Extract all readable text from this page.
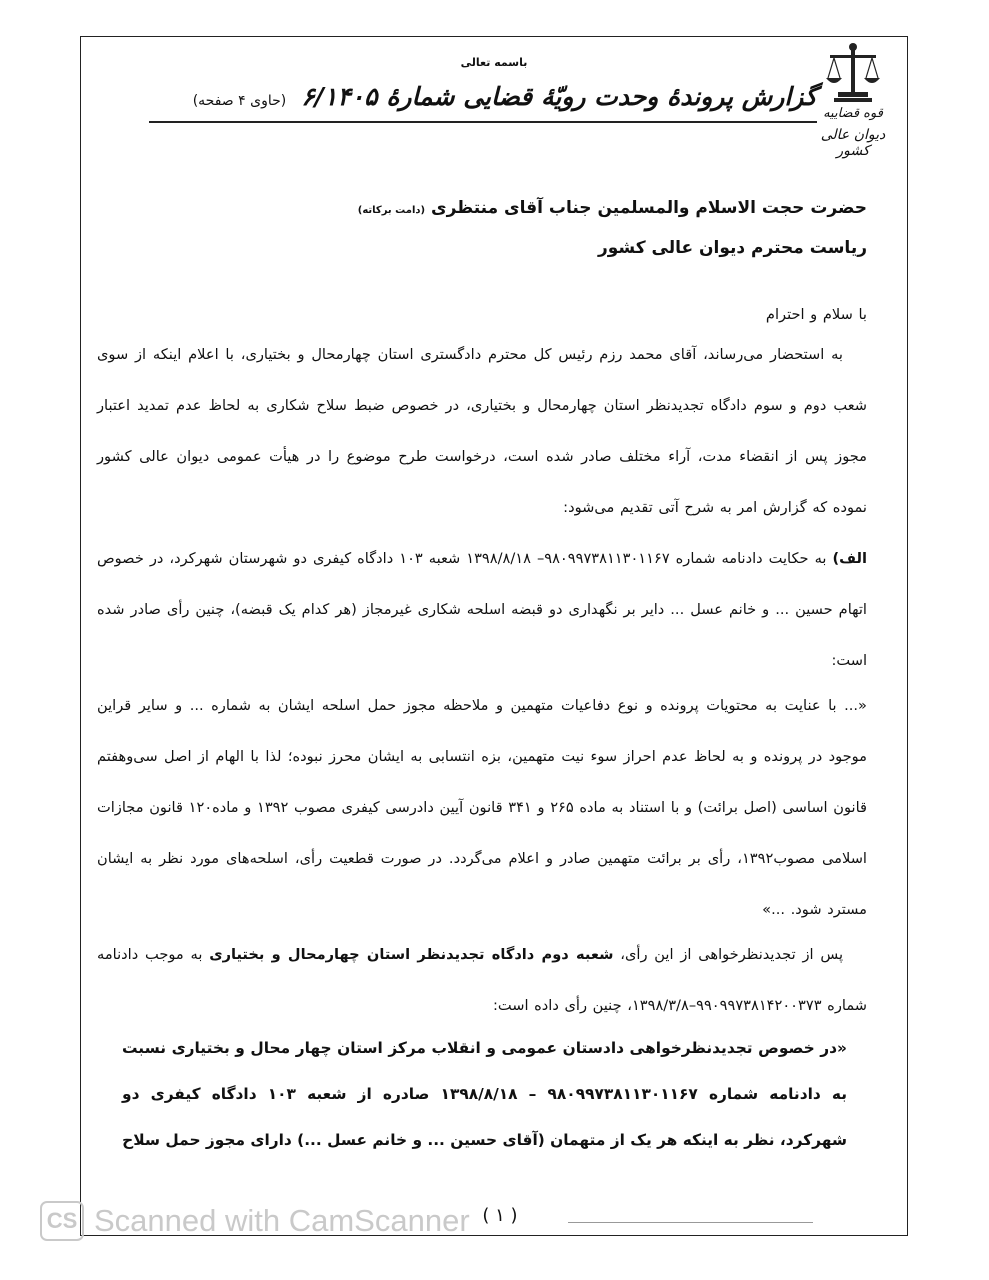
قوه قضاییه
دیوان عالی کشور
باسمه تعالی
گزارش پروندهٔ وحدت رویّهٔ قضایی شمارهٔ ۶/۱۴۰۵ (حاوی ۴ صفحه)
حضرت حجت الاسلام والمسلمین جناب آقای منتظری (دامت برکاته)
ریاست محترم دیوان عالی کشور

با سلام و احترام

به استحضار می‌رساند، آقای محمد رزم رئیس کل محترم دادگستری استان چهارمحال و بختیاری، با اعلام اینکه از سوی شعب دوم و سوم دادگاه تجدیدنظر استان چهارمحال و بختیاری، در خصوص ضبط سلاح شکاری به لحاظ عدم تمدید اعتبار مجوز پس از انقضاء مدت، آراء مختلف صادر شده است، درخواست طرح موضوع را در هیأت عمومی دیوان عالی کشور نموده که گزارش امر به شرح آتی تقدیم می‌شود:

الف) به حکایت دادنامه شماره ۹۸۰۹۹۷۳۸۱۱۳۰۱۱۶۷– ۱۳۹۸/۸/۱۸ شعبه ۱۰۳ دادگاه کیفری دو شهرستان شهرکرد، در خصوص اتهام حسین ... و خانم عسل ... دایر بر نگهداری دو قبضه اسلحه شکاری غیرمجاز (هر کدام یک قبضه)، چنین رأی صادر شده است:

«... با عنایت به محتویات پرونده و نوع دفاعیات متهمین و ملاحظه مجوز حمل اسلحه ایشان به شماره ... و سایر قراین موجود در پرونده و به لحاظ عدم احراز سوء نیت متهمین، بزه انتسابی به ایشان محرز نبوده؛ لذا با الهام از اصل سی‌وهفتم قانون اساسی (اصل برائت) و با استناد به ماده ۲۶۵ و ۳۴۱ قانون آیین دادرسی کیفری مصوب ۱۳۹۲ و ماده۱۲۰ قانون مجازات اسلامی مصوب۱۳۹۲، رأی بر برائت متهمین صادر و اعلام می‌گردد. در صورت قطعیت رأی، اسلحه‌های مورد نظر به ایشان مسترد شود. ...»

پس از تجدیدنظرخواهی از این رأی، شعبه دوم دادگاه تجدیدنظر استان چهارمحال و بختیاری به موجب دادنامه شماره ۹۹۰۹۹۷۳۸۱۴۲۰۰۳۷۳–۱۳۹۸/۳/۸، چنین رأی داده است:

«در خصوص تجدیدنظرخواهی دادستان عمومی و انقلاب مرکز استان چهار محال و بختیاری نسبت به دادنامه شماره ۹۸۰۹۹۷۳۸۱۱۳۰۱۱۶۷ – ۱۳۹۸/۸/۱۸ صادره از شعبه ۱۰۳ دادگاه کیفری دو شهرکرد، نظر به اینکه هر یک از متهمان (آقای حسین ... و خانم عسل ...) دارای مجوز حمل سلاح

( ۱ )
CS Scanned with CamScanner
